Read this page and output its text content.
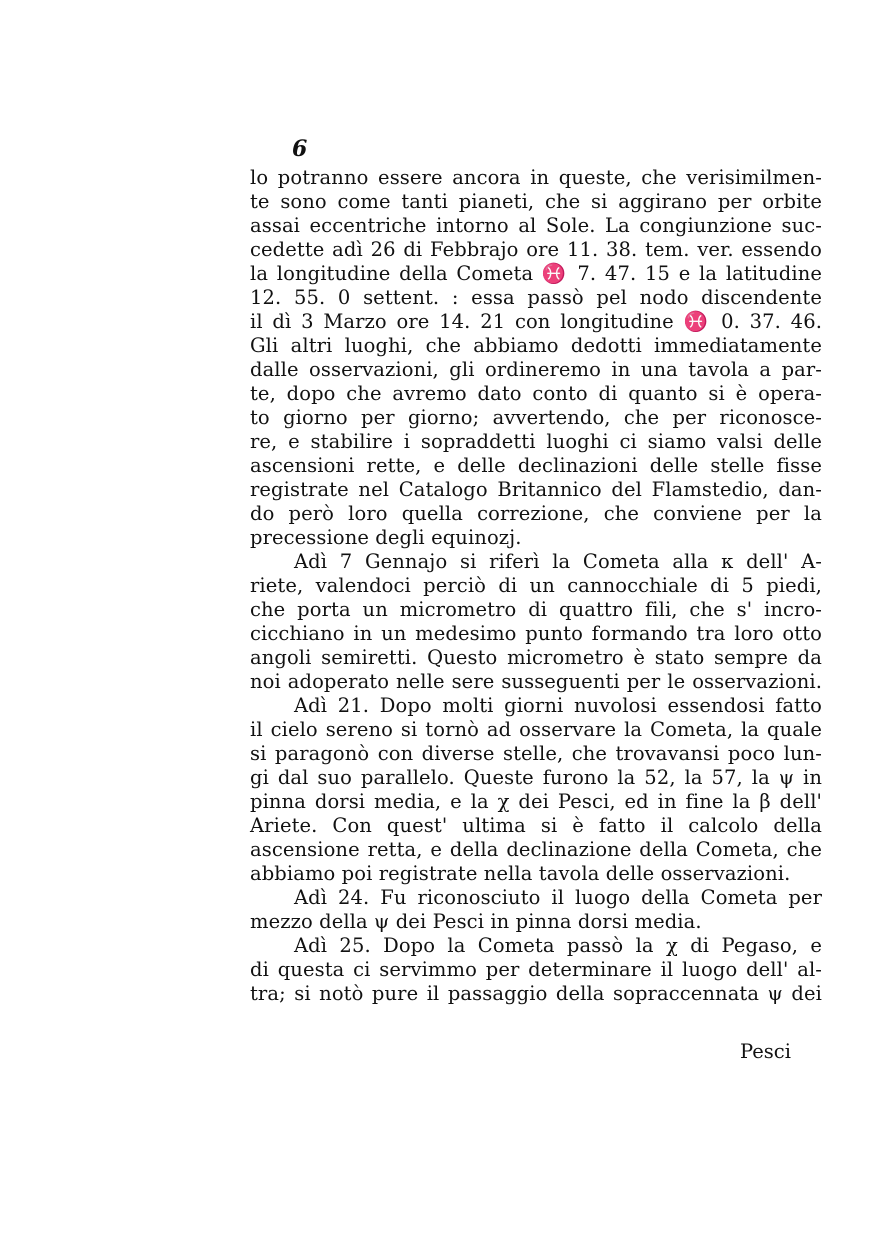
6
lo potranno essere ancora in queste, che verisimilmen-
te sono come tanti pianeti, che si aggirano per orbite
assai eccentriche intorno al Sole. La congiunzione suc-
cedette adì 26 di Febbrajo ore 11. 38. tem. ver. essendo
la longitudine della Cometa ♓ 7. 47. 15 e la latitudine
12. 55. 0 settent. : essa passò pel nodo discendente
il dì 3 Marzo ore 14. 21 con longitudine ♓ 0. 37. 46.
Gli altri luoghi, che abbiamo dedotti immediatamente
dalle osservazioni, gli ordineremo in una tavola a par-
te, dopo che avremo dato conto di quanto si è opera-
to giorno per giorno; avvertendo, che per riconosce-
re, e stabilire i sopraddetti luoghi ci siamo valsi delle
ascensioni rette, e delle declinazioni delle stelle fisse
registrate nel Catalogo Britannico del Flamstedio, dan-
do però loro quella correzione, che conviene per la
precessione degli equinozj.
Adì 7 Gennajo si riferì la Cometa alla κ dell' A-
riete, valendoci perciò di un cannocchiale di 5 piedi,
che porta un micrometro di quattro fili, che s' incro-
cicchiano in un medesimo punto formando tra loro otto
angoli semiretti. Questo micrometro è stato sempre da
noi adoperato nelle sere susseguenti per le osservazioni.
Adì 21. Dopo molti giorni nuvolosi essendosi fatto
il cielo sereno si tornò ad osservare la Cometa, la quale
si paragonò con diverse stelle, che trovavansi poco lun-
gi dal suo parallelo. Queste furono la 52, la 57, la ψ in
pinna dorsi media, e la χ dei Pesci, ed in fine la β dell'
Ariete. Con quest' ultima si è fatto il calcolo della
ascensione retta, e della declinazione della Cometa, che
abbiamo poi registrate nella tavola delle osservazioni.
Adì 24. Fu riconosciuto il luogo della Cometa per
mezzo della ψ dei Pesci in pinna dorsi media.
Adì 25. Dopo la Cometa passò la χ di Pegaso, e
di questa ci servimmo per determinare il luogo dell' al-
tra; si notò pure il passaggio della sopraccennata ψ dei
Pesci
